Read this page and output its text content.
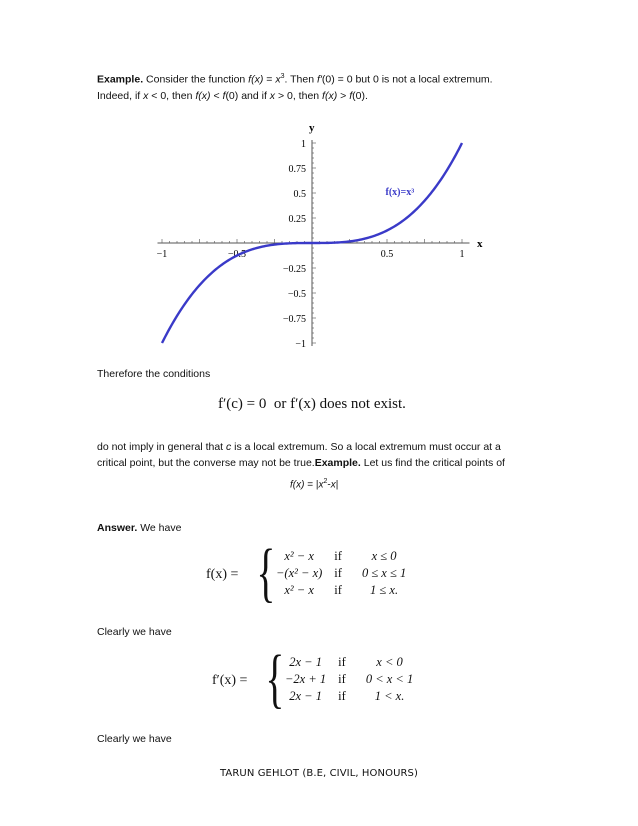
Example. Consider the function $f(x) = x^3$. Then f'(0) = 0 but 0 is not a local extremum.
Indeed, if x < 0, then f(x) < f(0) and if x > 0, then f(x) > f(0).

−1	−0.5	0.5	1
1
0.75
0.5
0.25
−0.25
−0.5
−0.75
−1
x
y
f(x)=x³

Therefore the conditions

f′(c) = 0 or f′(x) does not exist.

do not imply in general that c is a local extremum. So a local extremum must occur at a
critical point, but the converse may not be true.Example. Let us find the critical points of

$f(x) = |x^2-x|$

Answer. We have

f(x) = { x² − x	if	x ≤ 0
−(x² − x)	if	0 ≤ x ≤ 1
x² − x	if	1 ≤ x.

Clearly we have

f′(x) = { 2x − 1	if	x < 0
−2x + 1	if	0 < x < 1
2x − 1	if	1 < x.

Clearly we have

TARUN GEHLOT (B.E, CIVIL, HONOURS)
